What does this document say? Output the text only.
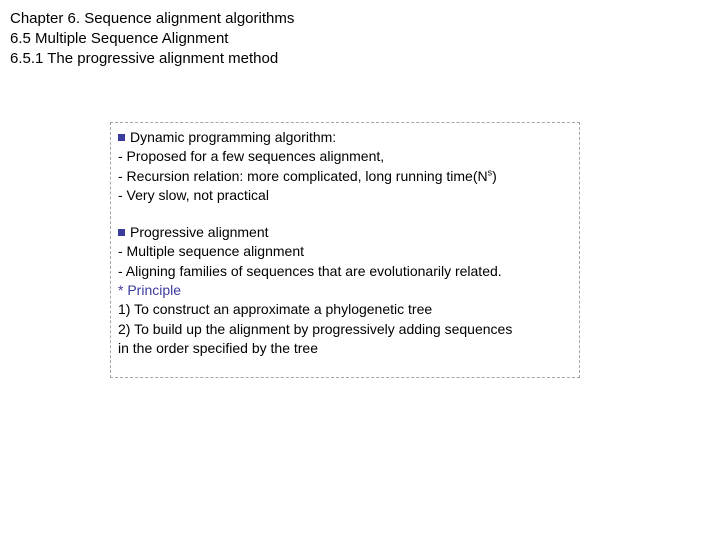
Chapter 6. Sequence alignment algorithms
6.5 Multiple Sequence Alignment
6.5.1 The progressive alignment method
Dynamic programming algorithm:
- Proposed for a few sequences alignment,
- Recursion relation: more complicated, long running $time(N^s)$
- Very slow, not practical
Progressive alignment
- Multiple sequence alignment
- Aligning families of sequences that are evolutionarily related.
* Principle
1) To construct an approximate a phylogenetic tree
2) To build up the alignment by progressively adding sequences
in the order specified by the tree
